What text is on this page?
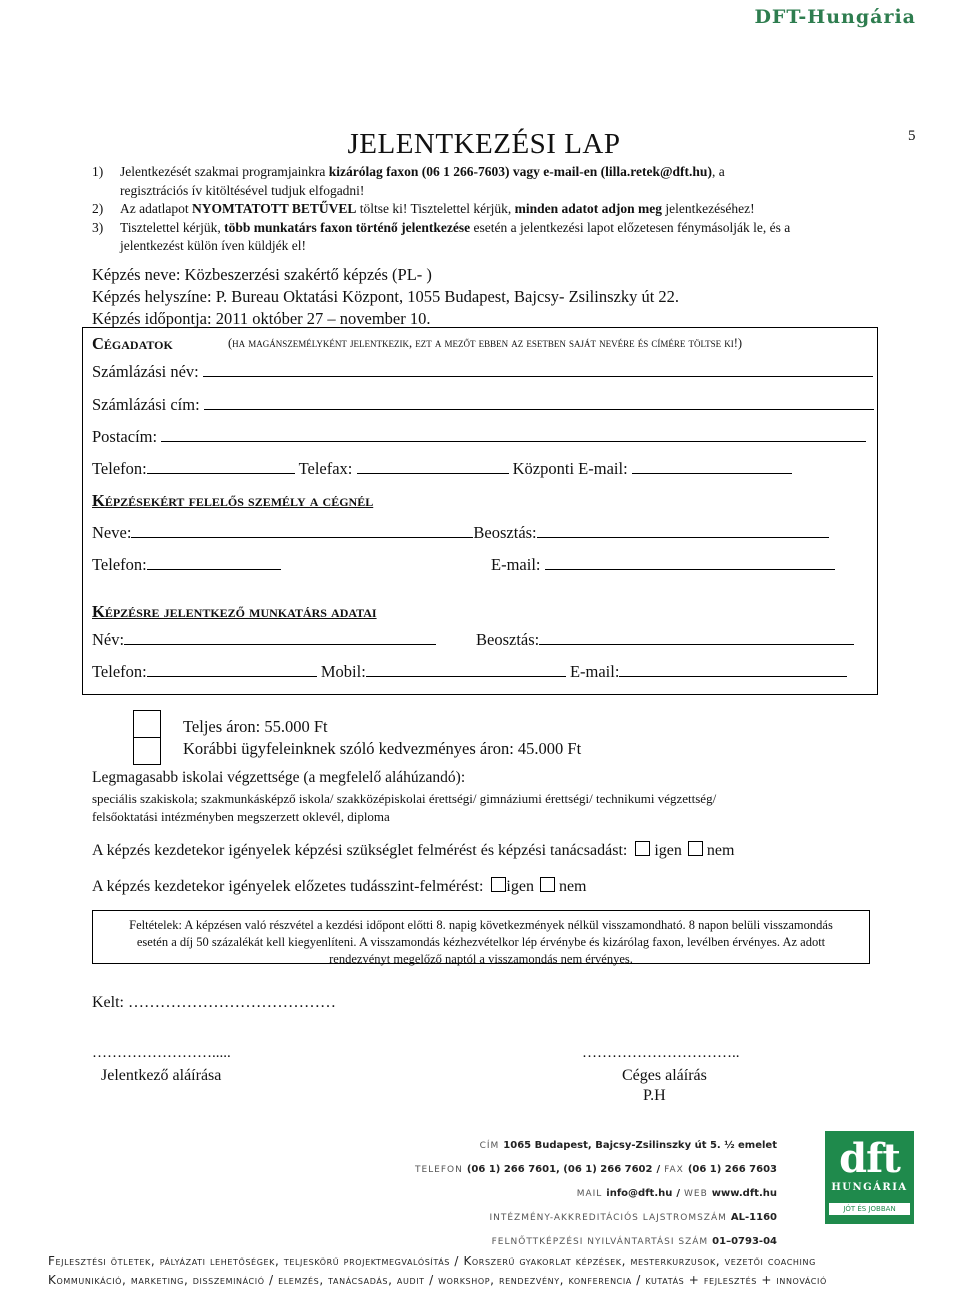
DFT-Hungária
5
JELENTKEZÉSI LAP
1) Jelentkezését szakmai programjainkra kizárólag faxon (06 1 266-7603) vagy e-mail-en (lilla.retek@dft.hu), a
regisztrációs ív kitöltésével tudjuk elfogadni!
2) Az adatlapot NYOMTATOTT BETŰVEL töltse ki! Tisztelettel kérjük, minden adatot adjon meg jelentkezéséhez!
3) Tisztelettel kérjük, több munkatárs faxon történő jelentkezése esetén a jelentkezési lapot előzetesen fénymásolják le, és a
jelentkezést külön íven küldjék el!
Képzés neve: Közbeszerzési szakértő képzés (PL- )
Képzés helyszíne: P. Bureau Oktatási Központ, 1055 Budapest, Bajcsy- Zsilinszky út 22.
Képzés időpontja: 2011 október 27 – november 10.
Cégadatok	(ha magánszemélyként jelentkezik, ezt a mezőt ebben az esetben saját nevére és címére töltse ki!)
Számlázási név:
Számlázási cím:
Postacím:
Telefon:	Telefax:	Központi E-mail:
Képzésekért felelős személy a cégnél
Neve:	Beosztás:
Telefon:	E-mail:
Képzésre jelentkező munkatárs adatai
Név:	Beosztás:
Telefon:	Mobil:	E-mail:
Teljes áron: 55.000 Ft
Korábbi ügyfeleinknek szóló kedvezményes áron: 45.000 Ft
Legmagasabb iskolai végzettsége (a megfelelő aláhúzandó):
speciális szakiskola; szakmunkásképző iskola/ szakközépiskolai érettségi/ gimnáziumi érettségi/ technikumi végzettség/
felsőoktatási intézményben megszerzett oklevél, diploma
A képzés kezdetekor igényelek képzési szükséglet felmérést és képzési tanácsadást: igen nem
A képzés kezdetekor igényelek előzetes tudásszint-felmérést: igen nem
Feltételek: A képzésen való részvétel a kezdési időpont előtti 8. napig következmények nélkül visszamondható. 8 napon belüli visszamondás
esetén a díj 50 százalékát kell kiegyenlíteni. A visszamondás kézhezvételkor lép érvénybe és kizárólag faxon, levélben érvényes. Az adott
rendezvényt megelőző naptól a visszamondás nem érvényes.
Kelt: …………………………………
…………………….....
Jelentkező aláírása
…………………………..
Céges aláírás
P.H
CÍM 1065 Budapest, Bajcsy-Zsilinszky út 5. ½ emelet
TELEFON (06 1) 266 7601, (06 1) 266 7602 / FAX (06 1) 266 7603
MAIL info@dft.hu / WEB www.dft.hu
INTÉZMÉNY-AKKREDITÁCIÓS LAJSTROMSZÁM AL-1160
FELNŐTTKÉPZÉSI NYILVÁNTARTÁSI SZÁM 01–0793-04
dft
HUNGÁRIA
JÓT ÉS JOBBAN
Fejlesztési ötletek, pályázati lehetőségek, teljeskörű projektmegvalósítás / Korszerű gyakorlat képzések, mesterkurzusok, vezetői coaching
Kommunikáció, marketing, disszemináció / elemzés, tanácsadás, audit / workshop, rendezvény, konferencia / kutatás + fejlesztés + innováció
